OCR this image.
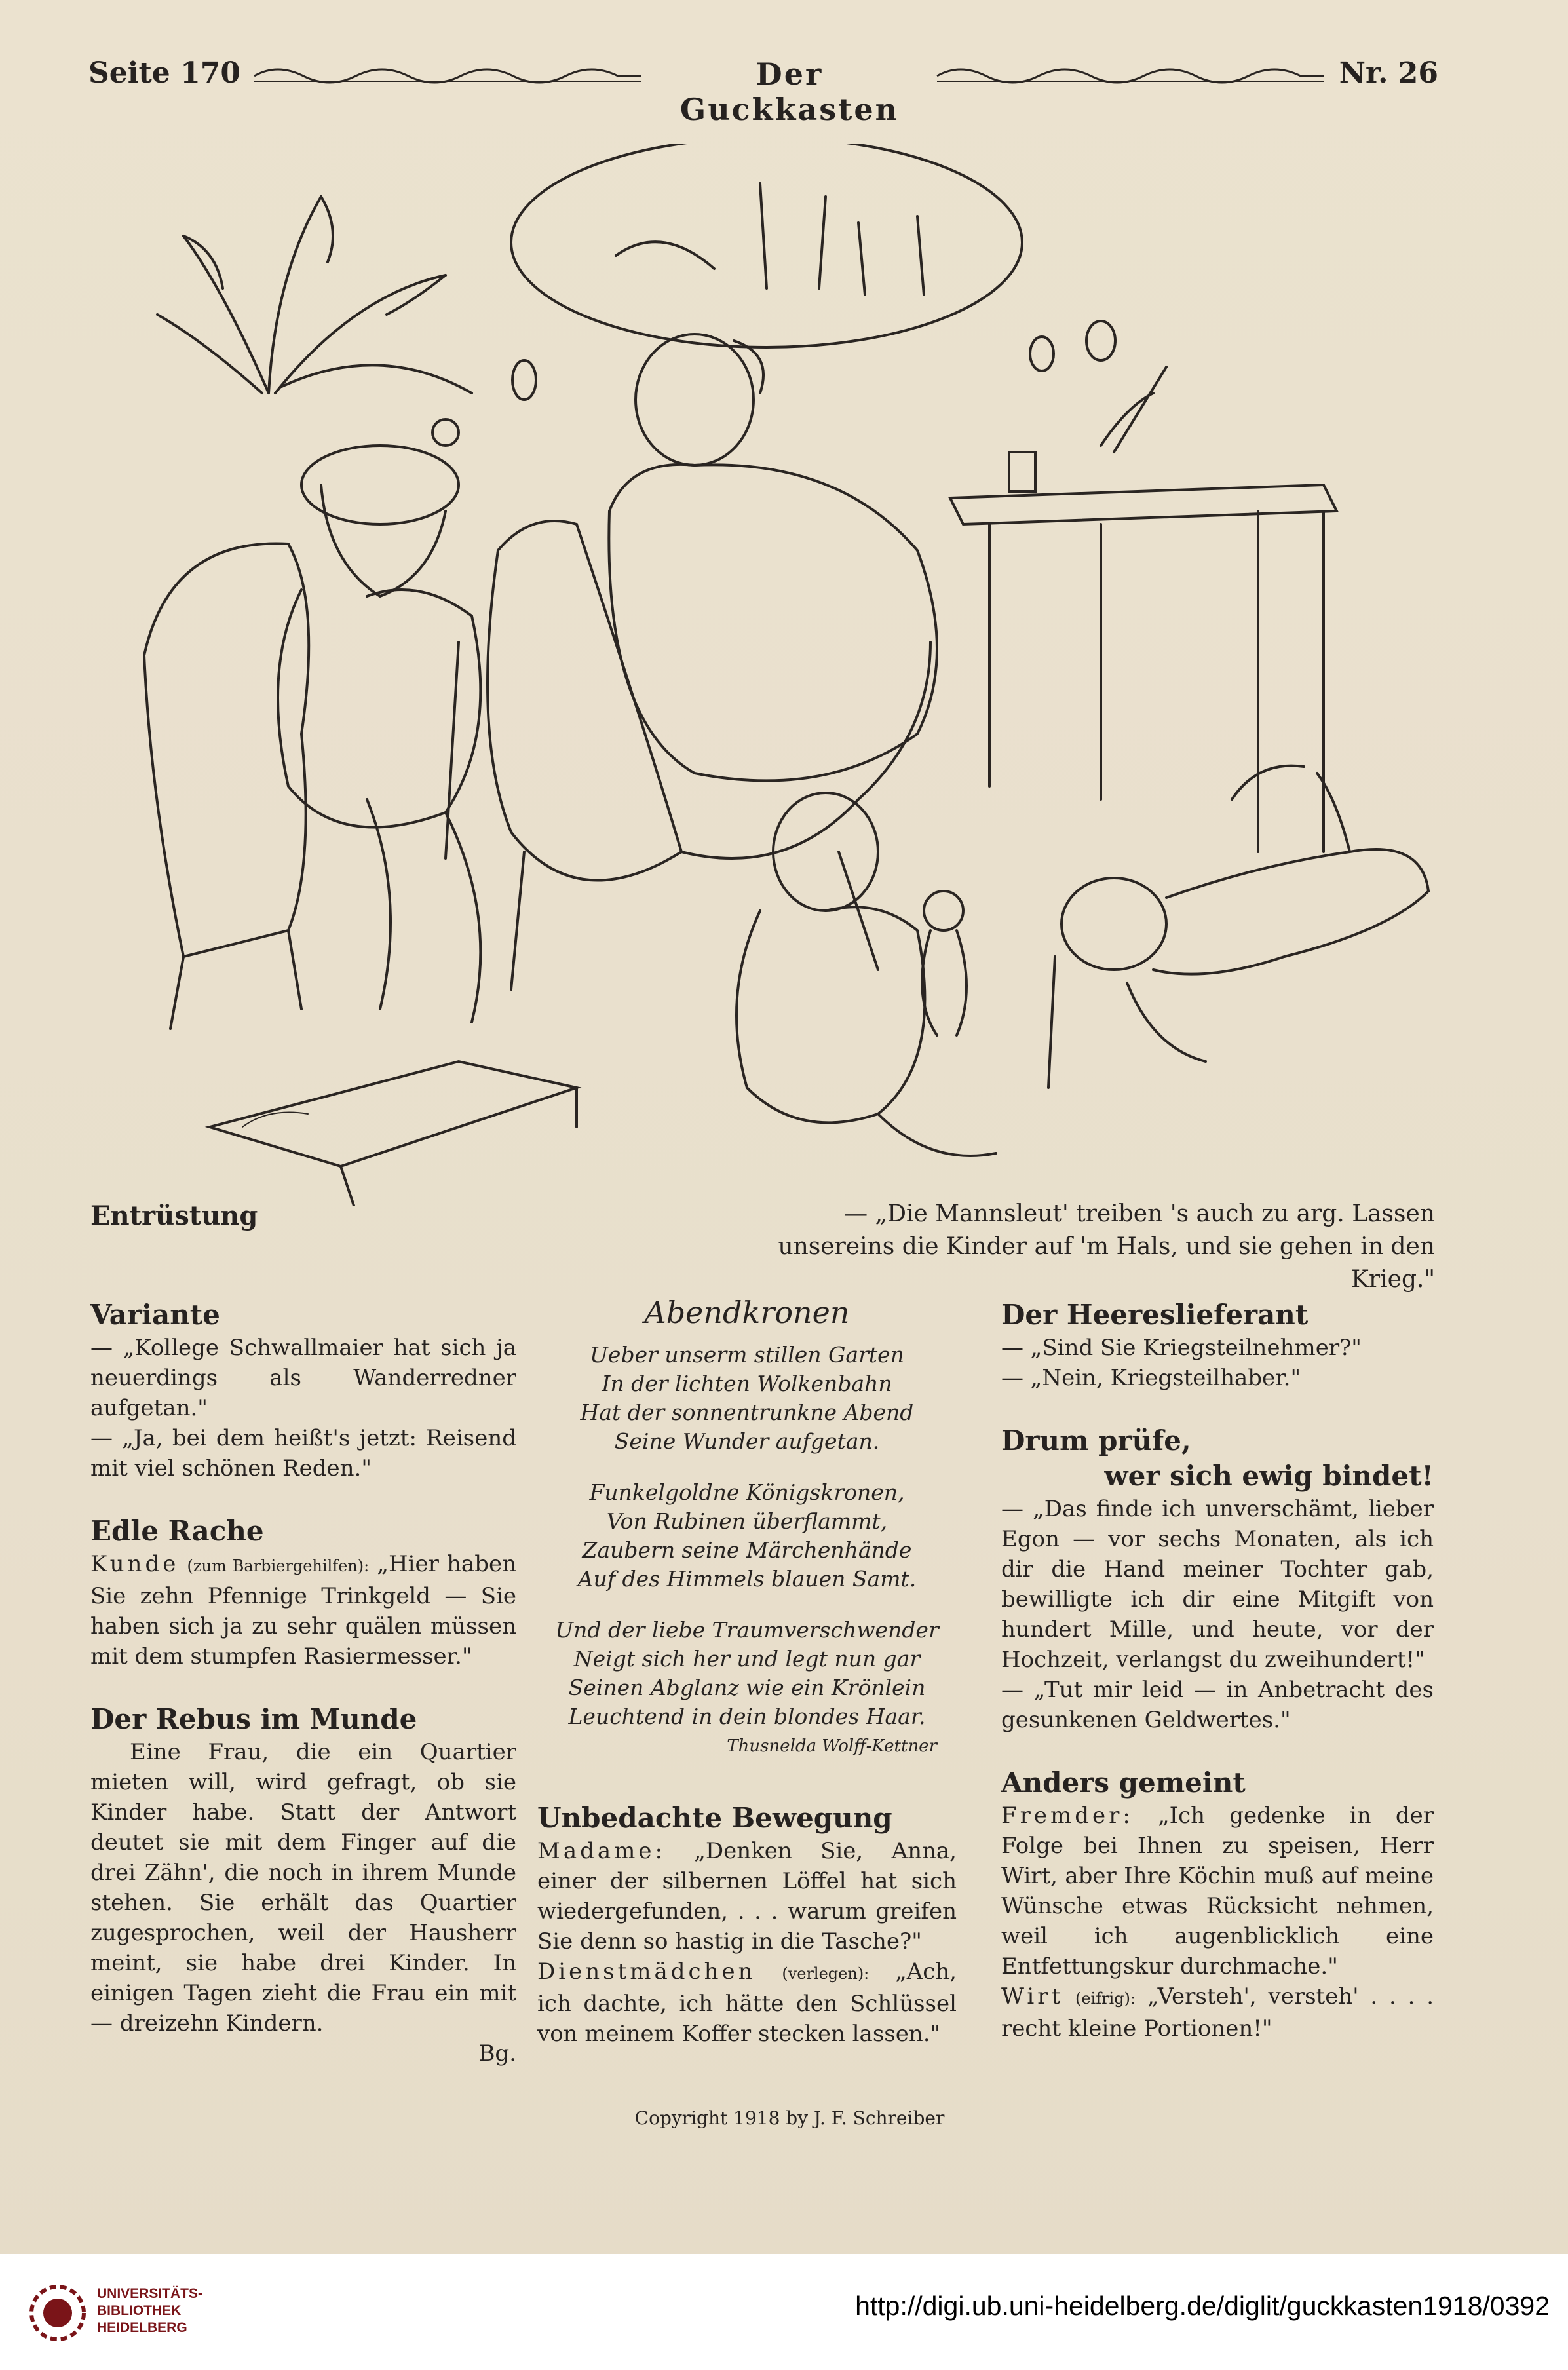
Seite 170	Der Guckkasten
Nr. 26
Entrüstung	— „Die Mannsleut' treiben 's auch zu arg. Lassen unsereins die Kinder auf 'm Hals, und sie gehen in den Krieg."
Variante

— „Kollege Schwallmaier hat sich ja neuerdings als Wanderredner aufgetan."

— „Ja, bei dem heißt's jetzt: Reisend mit viel schönen Reden."

Edle Rache

Kunde (zum Barbiergehilfen): „Hier haben Sie zehn Pfennige Trinkgeld — Sie haben sich ja zu sehr quälen müssen mit dem stumpfen Rasiermesser."

Der Rebus im Munde

Eine Frau, die ein Quartier mieten will, wird gefragt, ob sie Kinder habe. Statt der Antwort deutet sie mit dem Finger auf die drei Zähn', die noch in ihrem Munde stehen. Sie erhält das Quartier zugesprochen, weil der Hausherr meint, sie habe drei Kinder. In einigen Tagen zieht die Frau ein mit — dreizehn Kindern.

Bg.

Abendkronen
Ueber unserm stillen Garten
In der lichten Wolkenbahn
Hat der sonnentrunkne Abend
Seine Wunder aufgetan.
Funkelgoldne Königskronen,
Von Rubinen überflammt,
Zaubern seine Märchenhände
Auf des Himmels blauen Samt.
Und der liebe Traumverschwender
Neigt sich her und legt nun gar
Seinen Abglanz wie ein Krönlein
Leuchtend in dein blondes Haar.
Thusnelda Wolff-Kettner
Unbedachte Bewegung

Madame: „Denken Sie, Anna, einer der silbernen Löffel hat sich wiedergefunden, . . . warum greifen Sie denn so hastig in die Tasche?"

Dienstmädchen (verlegen): „Ach, ich dachte, ich hätte den Schlüssel von meinem Koffer stecken lassen."

Der Heereslieferant

— „Sind Sie Kriegsteilnehmer?"

— „Nein, Kriegsteilhaber."

Drum prüfe,
wer sich ewig bindet!

— „Das finde ich unverschämt, lieber Egon — vor sechs Monaten, als ich dir die Hand meiner Tochter gab, bewilligte ich dir eine Mitgift von hundert Mille, und heute, vor der Hochzeit, verlangst du zweihundert!"

— „Tut mir leid — in Anbetracht des gesunkenen Geldwertes."

Anders gemeint

Fremder: „Ich gedenke in der Folge bei Ihnen zu speisen, Herr Wirt, aber Ihre Köchin muß auf meine Wünsche etwas Rücksicht nehmen, weil ich augenblicklich eine Entfettungskur durchmache."

Wirt (eifrig): „Versteh', versteh' . . . . recht kleine Portionen!"

Copyright 1918 by J. F. Schreiber
UNIVERSITÄTS-
BIBLIOTHEK
HEIDELBERG
http://digi.ub.uni-heidelberg.de/diglit/guckkasten1918/0392
